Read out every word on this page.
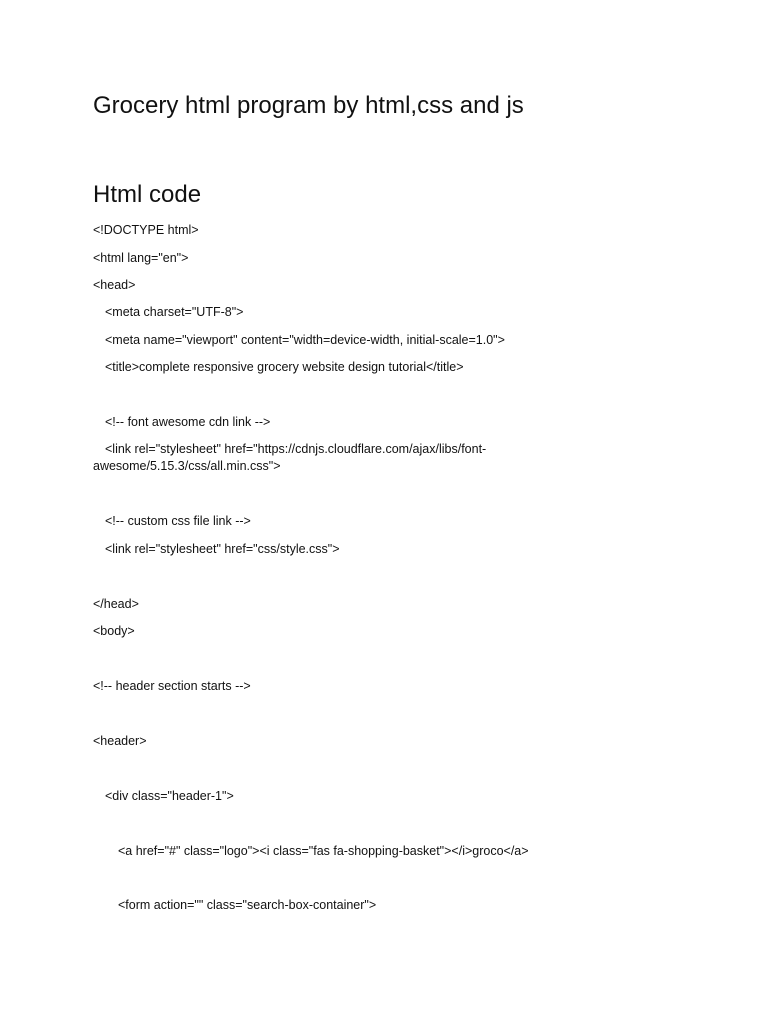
Grocery html program by html,css and js
Html code

<!DOCTYPE html>

<html lang="en">

<head>

<meta charset="UTF-8">

<meta name="viewport" content="width=device-width, initial-scale=1.0">

<title>complete responsive grocery website design tutorial</title>

<!-- font awesome cdn link -->

<link rel="stylesheet" href="https://cdnjs.cloudflare.com/ajax/libs/font-

awesome/5.15.3/css/all.min.css">

<!-- custom css file link -->

<link rel="stylesheet" href="css/style.css">

</head>

<body>

<!-- header section starts -->

<header>

<div class="header-1">

<a href="#" class="logo"><i class="fas fa-shopping-basket"></i>groco</a>

<form action="" class="search-box-container">
